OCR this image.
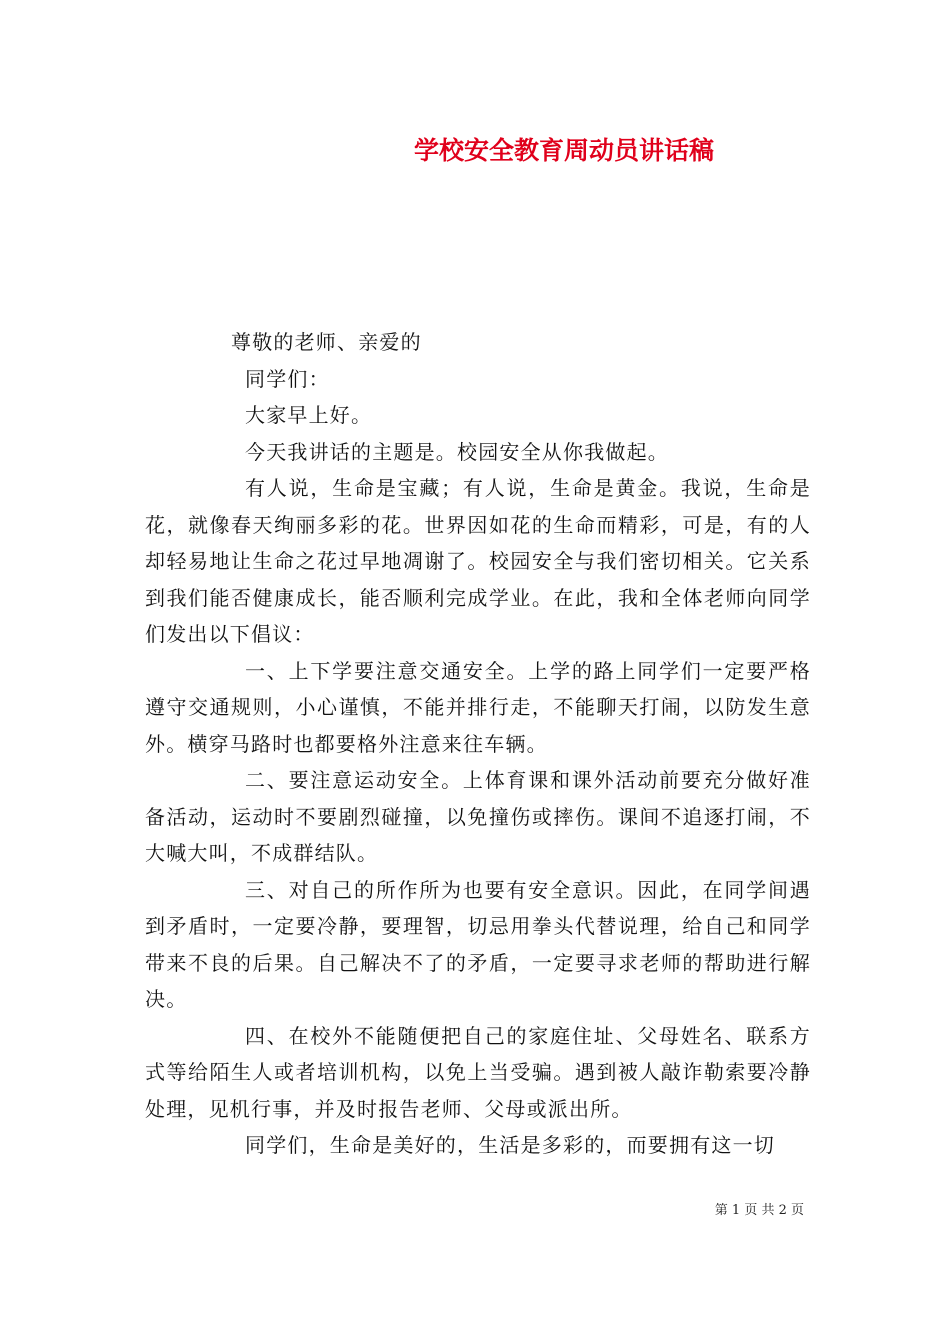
学校安全教育周动员讲话稿
尊敬的老师、亲爱的
同学们：
大家早上好。
今天我讲话的主题是。校园安全从你我做起。

有人说，生命是宝藏；有人说，生命是黄金。我说，生命是花，就像春天绚丽多彩的花。世界因如花的生命而精彩，可是，有的人却轻易地让生命之花过早地凋谢了。校园安全与我们密切相关。它关系到我们能否健康成长，能否顺利完成学业。在此，我和全体老师向同学们发出以下倡议：

一、上下学要注意交通安全。上学的路上同学们一定要严格遵守交通规则，小心谨慎，不能并排行走，不能聊天打闹，以防发生意外。横穿马路时也都要格外注意来往车辆。

二、要注意运动安全。上体育课和课外活动前要充分做好准备活动，运动时不要剧烈碰撞，以免撞伤或摔伤。课间不追逐打闹，不大喊大叫，不成群结队。

三、对自己的所作所为也要有安全意识。因此，在同学间遇到矛盾时，一定要冷静，要理智，切忌用拳头代替说理，给自己和同学带来不良的后果。自己解决不了的矛盾，一定要寻求老师的帮助进行解决。

四、在校外不能随便把自己的家庭住址、父母姓名、联系方式等给陌生人或者培训机构，以免上当受骗。遇到被人敲诈勒索要冷静处理，见机行事，并及时报告老师、父母或派出所。

同学们，生命是美好的，生活是多彩的，而要拥有这一切

第 1 页 共 2 页
